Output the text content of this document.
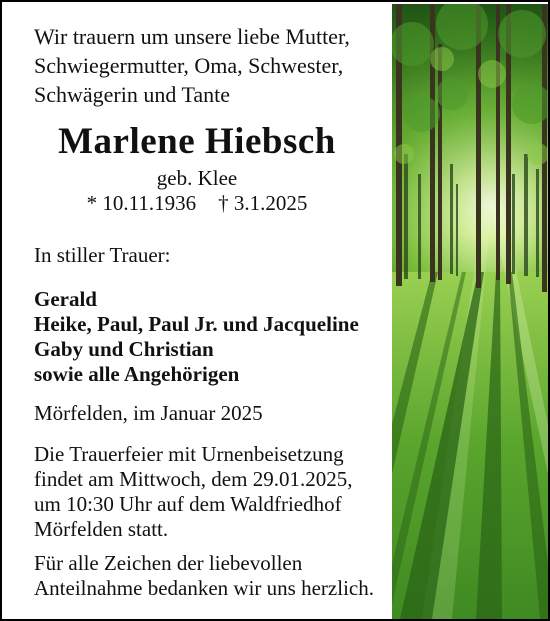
Wir trauern um unsere liebe Mutter,
Schwiegermutter, Oma, Schwester,
Schwägerin und Tante

Marlene Hiebsch
geb. Klee
* 10.11.1936 † 3.1.2025
In stiller Trauer:
Gerald
Heike, Paul, Paul Jr. und Jacqueline
Gaby und Christian
sowie alle Angehörigen
Mörfelden, im Januar 2025
Die Trauerfeier mit Urnenbeisetzung
findet am Mittwoch, dem 29.01.2025,
um 10:30 Uhr auf dem Waldfriedhof
Mörfelden statt.
Für alle Zeichen der liebevollen
Anteilnahme bedanken wir uns herzlich.
